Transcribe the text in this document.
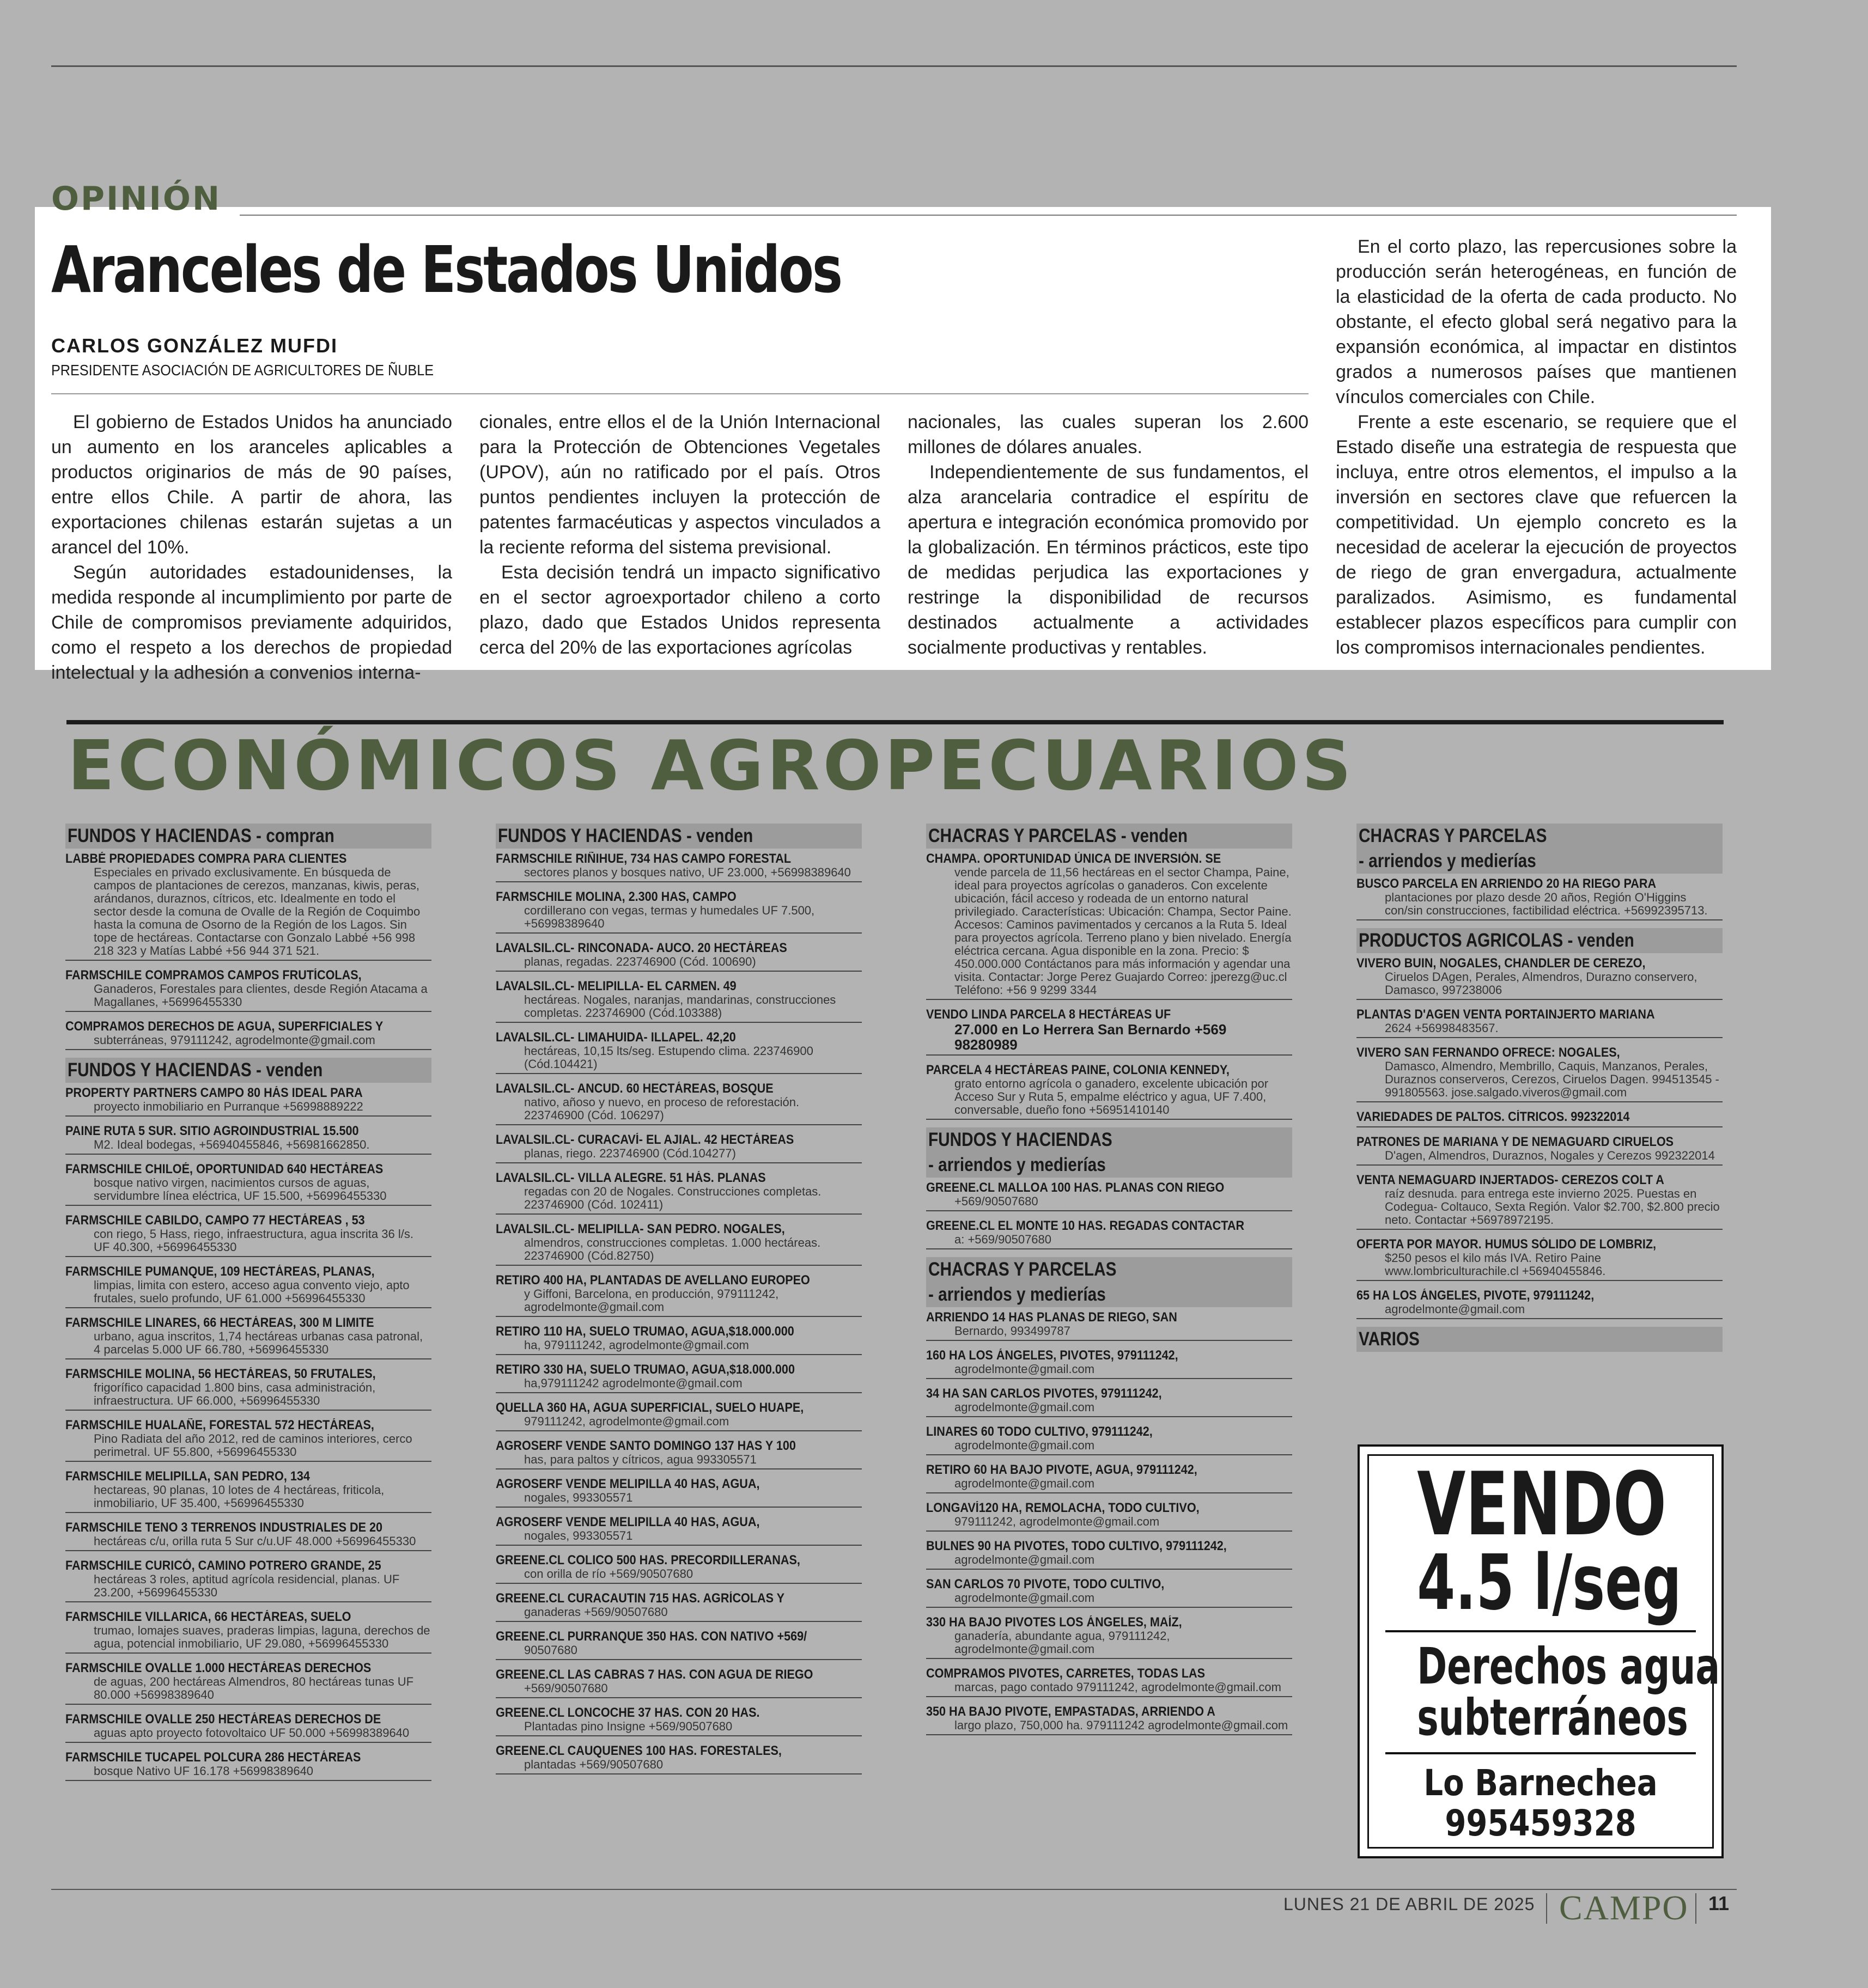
OPINIÓN
Aranceles de Estados Unidos
CARLOS GONZÁLEZ MUFDI
PRESIDENTE ASOCIACIÓN DE AGRICULTORES DE ÑUBLE

El gobierno de Estados Unidos ha anunciado un aumento en los aranceles aplicables a productos originarios de más de 90 países, entre ellos Chile. A partir de ahora, las exportaciones chilenas estarán sujetas a un arancel del 10%.

Según autoridades estadounidenses, la medida responde al incumplimiento por parte de Chile de compromisos previamente adquiridos, como el respeto a los derechos de propiedad intelectual y la adhesión a convenios interna-

cionales, entre ellos el de la Unión Internacional para la Protección de Obtenciones Vegetales (UPOV), aún no ratificado por el país. Otros puntos pendientes incluyen la protección de patentes farmacéuticas y aspectos vinculados a la reciente reforma del sistema previsional.

Esta decisión tendrá un impacto significativo en el sector agroexportador chileno a corto plazo, dado que Estados Unidos representa cerca del 20% de las exportaciones agrícolas

nacionales, las cuales superan los 2.600 millones de dólares anuales.

Independientemente de sus fundamentos, el alza arancelaria contradice el espíritu de apertura e integración económica promovido por la globalización. En términos prácticos, este tipo de medidas perjudica las exportaciones y restringe la disponibilidad de recursos destinados actualmente a actividades socialmente productivas y rentables.

En el corto plazo, las repercusiones sobre la producción serán heterogéneas, en función de la elasticidad de la oferta de cada producto. No obstante, el efecto global será negativo para la expansión económica, al impactar en distintos grados a numerosos países que mantienen vínculos comerciales con Chile.

Frente a este escenario, se requiere que el Estado diseñe una estrategia de respuesta que incluya, entre otros elementos, el impulso a la inversión en sectores clave que refuercen la competitividad. Un ejemplo concreto es la necesidad de acelerar la ejecución de proyectos de riego de gran envergadura, actualmente paralizados. Asimismo, es fundamental establecer plazos específicos para cumplir con los compromisos internacionales pendientes.

ECONÓMICOS AGROPECUARIOS
FUNDOS Y HACIENDAS - compran
LABBÉ PROPIEDADES COMPRA PARA CLIENTES
Especiales en privado exclusivamente. En búsqueda de campos de plantaciones de cerezos, manzanas, kiwis, peras, arándanos, duraznos, cítricos, etc. Idealmente en todo el sector desde la comuna de Ovalle de la Región de Coquimbo hasta la comuna de Osorno de la Región de los Lagos. Sin tope de hectáreas. Contactarse con Gonzalo Labbé +56 998 218 323 y Matías Labbé +56 944 371 521.
FARMSCHILE COMPRAMOS CAMPOS FRUTÍCOLAS,
Ganaderos, Forestales para clientes, desde Región Atacama a Magallanes, +56996455330
COMPRAMOS DERECHOS DE AGUA, SUPERFICIALES Y
subterráneas, 979111242, agrodelmonte@gmail.com
FUNDOS Y HACIENDAS - venden
PROPERTY PARTNERS CAMPO 80 HÁS IDEAL PARA
proyecto inmobiliario en Purranque +56998889222
PAINE RUTA 5 SUR. SITIO AGROINDUSTRIAL 15.500
M2. Ideal bodegas, +56940455846, +56981662850.
FARMSCHILE CHILOÉ, OPORTUNIDAD 640 HECTÁREAS
bosque nativo virgen, nacimientos cursos de aguas, servidumbre línea eléctrica, UF 15.500, +56996455330
FARMSCHILE CABILDO, CAMPO 77 HECTÁREAS , 53
con riego, 5 Hass, riego, infraestructura, agua inscrita 36 l/s. UF 40.300, +56996455330
FARMSCHILE PUMANQUE, 109 HECTÁREAS, PLANAS,
limpias, limita con estero, acceso agua convento viejo, apto frutales, suelo profundo, UF 61.000 +56996455330
FARMSCHILE LINARES, 66 HECTÁREAS, 300 M LIMITE
urbano, agua inscritos, 1,74 hectáreas urbanas casa patronal, 4 parcelas 5.000 UF 66.780, +56996455330
FARMSCHILE MOLINA, 56 HECTÁREAS, 50 FRUTALES,
frigorífico capacidad 1.800 bins, casa administración, infraestructura. UF 66.000, +56996455330
FARMSCHILE HUALAÑE, FORESTAL 572 HECTÁREAS,
Pino Radiata del año 2012, red de caminos interiores, cerco perimetral. UF 55.800, +56996455330
FARMSCHILE MELIPILLA, SAN PEDRO, 134
hectareas, 90 planas, 10 lotes de 4 hectáreas, friticola, inmobiliario, UF 35.400, +56996455330
FARMSCHILE TENO 3 TERRENOS INDUSTRIALES DE 20
hectáreas c/u, orilla ruta 5 Sur c/u.UF 48.000 +56996455330
FARMSCHILE CURICÓ, CAMINO POTRERO GRANDE, 25
hectáreas 3 roles, aptitud agrícola residencial, planas. UF 23.200, +56996455330
FARMSCHILE VILLARICA, 66 HECTÁREAS, SUELO
trumao, lomajes suaves, praderas limpias, laguna, derechos de agua, potencial inmobiliario, UF 29.080, +56996455330
FARMSCHILE OVALLE 1.000 HECTÁREAS DERECHOS
de aguas, 200 hectáreas Almendros, 80 hectáreas tunas UF 80.000 +56998389640
FARMSCHILE OVALLE 250 HECTÁREAS DERECHOS DE
aguas apto proyecto fotovoltaico UF 50.000 +56998389640
FARMSCHILE TUCAPEL POLCURA 286 HECTÁREAS
bosque Nativo UF 16.178 +56998389640
FUNDOS Y HACIENDAS - venden
FARMSCHILE RIÑIHUE, 734 HAS CAMPO FORESTAL
sectores planos y bosques nativo, UF 23.000, +56998389640
FARMSCHILE MOLINA, 2.300 HAS, CAMPO
cordillerano con vegas, termas y humedales UF 7.500, +56998389640
LAVALSIL.CL- RINCONADA- AUCO. 20 HECTÁREAS
planas, regadas. 223746900 (Cód. 100690)
LAVALSIL.CL- MELIPILLA- EL CARMEN. 49
hectáreas. Nogales, naranjas, mandarinas, construcciones completas. 223746900 (Cód.103388)
LAVALSIL.CL- LIMAHUIDA- ILLAPEL. 42,20
hectáreas, 10,15 lts/seg. Estupendo clima. 223746900 (Cód.104421)
LAVALSIL.CL- ANCUD. 60 HECTÁREAS, BOSQUE
nativo, añoso y nuevo, en proceso de reforestación. 223746900 (Cód. 106297)
LAVALSIL.CL- CURACAVÍ- EL AJIAL. 42 HECTÁREAS
planas, riego. 223746900 (Cód.104277)
LAVALSIL.CL- VILLA ALEGRE. 51 HÁS. PLANAS
regadas con 20 de Nogales. Construcciones completas. 223746900 (Cód. 102411)
LAVALSIL.CL- MELIPILLA- SAN PEDRO. NOGALES,
almendros, construcciones completas. 1.000 hectáreas. 223746900 (Cód.82750)
RETIRO 400 HA, PLANTADAS DE AVELLANO EUROPEO
y Giffoni, Barcelona, en producción, 979111242, agrodelmonte@gmail.com
RETIRO 110 HA, SUELO TRUMAO, AGUA,$18.000.000
ha, 979111242, agrodelmonte@gmail.com
RETIRO 330 HA, SUELO TRUMAO, AGUA,$18.000.000
ha,979111242 agrodelmonte@gmail.com
QUELLA 360 HA, AGUA SUPERFICIAL, SUELO HUAPE,
979111242, agrodelmonte@gmail.com
AGROSERF VENDE SANTO DOMINGO 137 HAS Y 100
has, para paltos y cítricos, agua 993305571
AGROSERF VENDE MELIPILLA 40 HAS, AGUA,
nogales, 993305571
AGROSERF VENDE MELIPILLA 40 HAS, AGUA,
nogales, 993305571
GREENE.CL COLICO 500 HAS. PRECORDILLERANAS,
con orilla de río +569/90507680
GREENE.CL CURACAUTIN 715 HAS. AGRÍCOLAS Y
ganaderas +569/90507680
GREENE.CL PURRANQUE 350 HAS. CON NATIVO +569/
90507680
GREENE.CL LAS CABRAS 7 HAS. CON AGUA DE RIEGO
+569/90507680
GREENE.CL LONCOCHE 37 HAS. CON 20 HAS.
Plantadas pino Insigne +569/90507680
GREENE.CL CAUQUENES 100 HAS. FORESTALES,
plantadas +569/90507680
CHACRAS Y PARCELAS - venden
CHAMPA. OPORTUNIDAD ÚNICA DE INVERSIÓN. SE
vende parcela de 11,56 hectáreas en el sector Champa, Paine, ideal para proyectos agrícolas o ganaderos. Con excelente ubicación, fácil acceso y rodeada de un entorno natural privilegiado. Características: Ubicación: Champa, Sector Paine. Accesos: Caminos pavimentados y cercanos a la Ruta 5. Ideal para proyectos agrícola. Terreno plano y bien nivelado. Energía eléctrica cercana. Agua disponible en la zona. Precio: $ 450.000.000 Contáctanos para más información y agendar una visita. Contactar: Jorge Perez Guajardo Correo: jperezg@uc.cl Teléfono: +56 9 9299 3344
VENDO LINDA PARCELA 8 HECTÁREAS UF
27.000 en Lo Herrera San Bernardo +569 98280989
PARCELA 4 HECTÁREAS PAINE, COLONIA KENNEDY,
grato entorno agrícola o ganadero, excelente ubicación por Acceso Sur y Ruta 5, empalme eléctrico y agua, UF 7.400, conversable, dueño fono +56951410140
FUNDOS Y HACIENDAS
- arriendos y medierías
GREENE.CL MALLOA 100 HAS. PLANAS CON RIEGO
+569/90507680
GREENE.CL EL MONTE 10 HAS. REGADAS CONTACTAR
a: +569/90507680
CHACRAS Y PARCELAS
- arriendos y medierías
ARRIENDO 14 HAS PLANAS DE RIEGO, SAN
Bernardo, 993499787
160 HA LOS ÁNGELES, PIVOTES, 979111242,
agrodelmonte@gmail.com
34 HA SAN CARLOS PIVOTES, 979111242,
agrodelmonte@gmail.com
LINARES 60 TODO CULTIVO, 979111242,
agrodelmonte@gmail.com
RETIRO 60 HA BAJO PIVOTE, AGUA, 979111242,
agrodelmonte@gmail.com
LONGAVÍ120 HA, REMOLACHA, TODO CULTIVO,
979111242, agrodelmonte@gmail.com
BULNES 90 HA PIVOTES, TODO CULTIVO, 979111242,
agrodelmonte@gmail.com
SAN CARLOS 70 PIVOTE, TODO CULTIVO,
agrodelmonte@gmail.com
330 HA BAJO PIVOTES LOS ÁNGELES, MAÍZ,
ganadería, abundante agua, 979111242, agrodelmonte@gmail.com
COMPRAMOS PIVOTES, CARRETES, TODAS LAS
marcas, pago contado 979111242, agrodelmonte@gmail.com
350 HA BAJO PIVOTE, EMPASTADAS, ARRIENDO A
largo plazo, 750,000 ha. 979111242 agrodelmonte@gmail.com
CHACRAS Y PARCELAS
- arriendos y medierías
BUSCO PARCELA EN ARRIENDO 20 HA RIEGO PARA
plantaciones por plazo desde 20 años, Región O'Higgins con/sin construcciones, factibilidad eléctrica. +56992395713.
PRODUCTOS AGRICOLAS - venden
VIVERO BUIN, NOGALES, CHANDLER DE CEREZO,
Ciruelos DAgen, Perales, Almendros, Durazno conservero, Damasco, 997238006
PLANTAS D'AGEN VENTA PORTAINJERTO MARIANA
2624 +56998483567.
VIVERO SAN FERNANDO OFRECE: NOGALES,
Damasco, Almendro, Membrillo, Caquis, Manzanos, Perales, Duraznos conserveros, Cerezos, Ciruelos Dagen. 994513545 - 991805563. jose.salgado.viveros@gmail.com
VARIEDADES DE PALTOS. CÍTRICOS. 992322014
PATRONES DE MARIANA Y DE NEMAGUARD CIRUELOS
D'agen, Almendros, Duraznos, Nogales y Cerezos 992322014
VENTA NEMAGUARD INJERTADOS- CEREZOS COLT A
raíz desnuda. para entrega este invierno 2025. Puestas en Codegua- Coltauco, Sexta Región. Valor $2.700, $2.800 precio neto. Contactar +56978972195.
OFERTA POR MAYOR. HUMUS SÓLIDO DE LOMBRIZ,
$250 pesos el kilo más IVA. Retiro Paine www.lombriculturachile.cl +56940455846.
65 HA LOS ÁNGELES, PIVOTE, 979111242,
agrodelmonte@gmail.com
VARIOS
VENDO
4.5 l/seg
Derechos agua
subterráneos
Lo Barnechea
995459328
LUNES 21 DE ABRIL DE 2025 CAMPO 11
